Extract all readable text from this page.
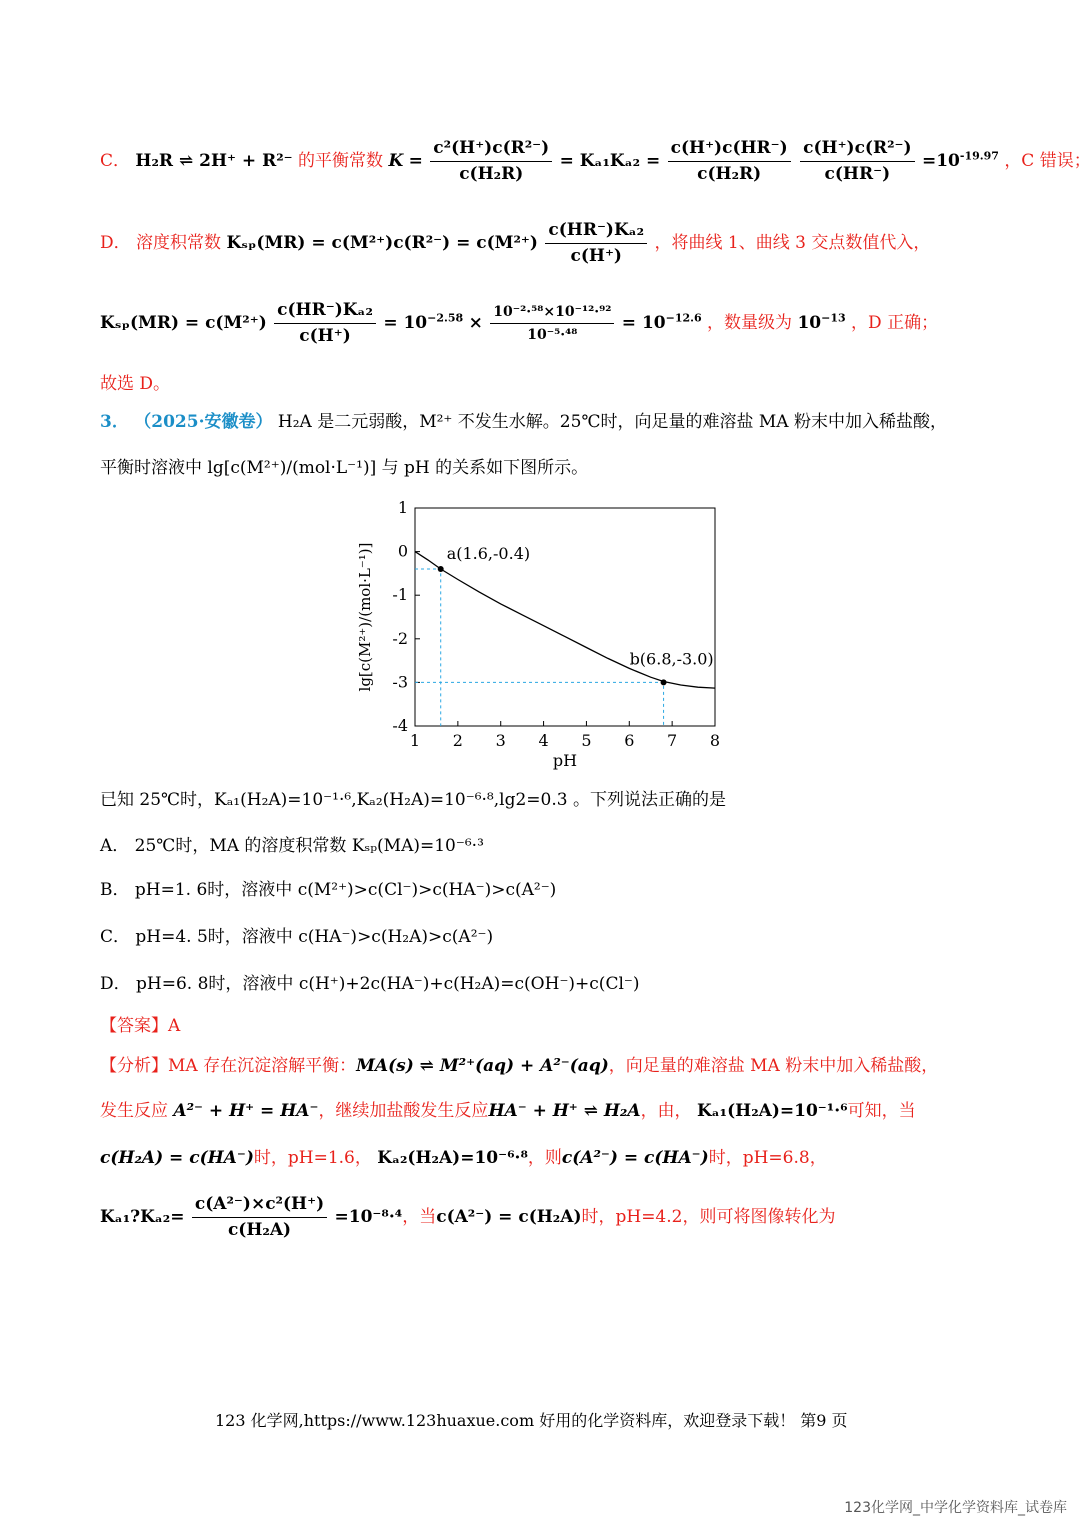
C． H₂R ⇌ 2H⁺ + R²⁻ 的平衡常数 $K = \frac{\text{c²(H⁺)c(R²⁻)}}{\text{c(H₂R)}} = K_{a1}K_{a2} = \frac{c(H^+)c(HR^-)}{\text{c(H₂R)}}$
$\frac{\text{c(H⁺)c(R²⁻)}}{c(HR^-)} =10^{-19.97}$ ，C 错误；
D． 溶度积常数 $K_{sp}(MR) = c(M^{2+})c(R^{2-}) = c(M^{2+}) \frac{\text{c(HR⁻)Kₐ₂}}{c(H^+)}$ ，将曲线 1、曲线 3 交点数值代入，
$K_{sp}(MR) = c(M^{2+}) \frac{\text{c(HR⁻)Kₐ₂}}{c(H^+)} = 10^{-2.58} \times \frac{\text{10⁻²·⁵⁸×10⁻¹²·⁹²}}{\text{10⁻⁵·⁴⁸}} = 10^{-12.6}$ ，数量级为 $10^{-13}$ ，D 正确；
故选 D。
3． （2025·安徽卷） H₂A 是二元弱酸，M²⁺ 不发生水解。25℃时，向足量的难溶盐 MA 粉末中加入稀盐酸，
平衡时溶液中 lg[c(M²⁺)/(mol·L⁻¹)] 与 pH 的关系如下图所示。
1 2 3 4 5 6 7 8
1
0
-1
-2
-3
-4
pH
lg[c(M²⁺)/(mol·L⁻¹)]	a(1.6,-0.4)
b(6.8,-3.0)
已知 25℃时，Kₐ₁(H₂A)=10⁻¹·⁶,Kₐ₂(H₂A)=10⁻⁶·⁸,lg2=0.3 。下列说法正确的是
A． 25℃时，MA 的溶度积常数 Kₛₚ(MA)=10⁻⁶·³
B． pH=1. 6时，溶液中 c(M²⁺)>c(Cl⁻)>c(HA⁻)>c(A²⁻)
C． pH=4. 5时，溶液中 c(HA⁻)>c(H₂A)>c(A²⁻)
D． pH=6. 8时，溶液中 c(H⁺)+2c(HA⁻)+c(H₂A)=c(OH⁻)+c(Cl⁻)
【答案】A
【分析】MA 存在沉淀溶解平衡：MA(s) ⇌ M²⁺(aq) + A²⁻(aq)，向足量的难溶盐 MA 粉末中加入稀盐酸，
发生反应 A²⁻ + H⁺ = HA⁻，继续加盐酸发生反应HA⁻ + H⁺ ⇌ H₂A，由， Kₐ₁(H₂A)=10⁻¹·⁶可知，当
c(H₂A) = c(HA⁻)时，pH=1.6， Kₐ₂(H₂A)=10⁻⁶·⁸，则c(A²⁻) = c(HA⁻)时，pH=6.8，
Kₐ₁?Kₐ₂= $\frac{\text{c(A²⁻)×c²(H⁺)}}{\text{c(H₂A)}} =10^{-8}\cdot^4$，当c(A²⁻) = c(H₂A)时，pH=4.2，则可将图像转化为
123 化学网,https://www.123huaxue.com 好用的化学资料库，欢迎登录下载！ 第9 页
123化学网_中学化学资料库_试卷库
